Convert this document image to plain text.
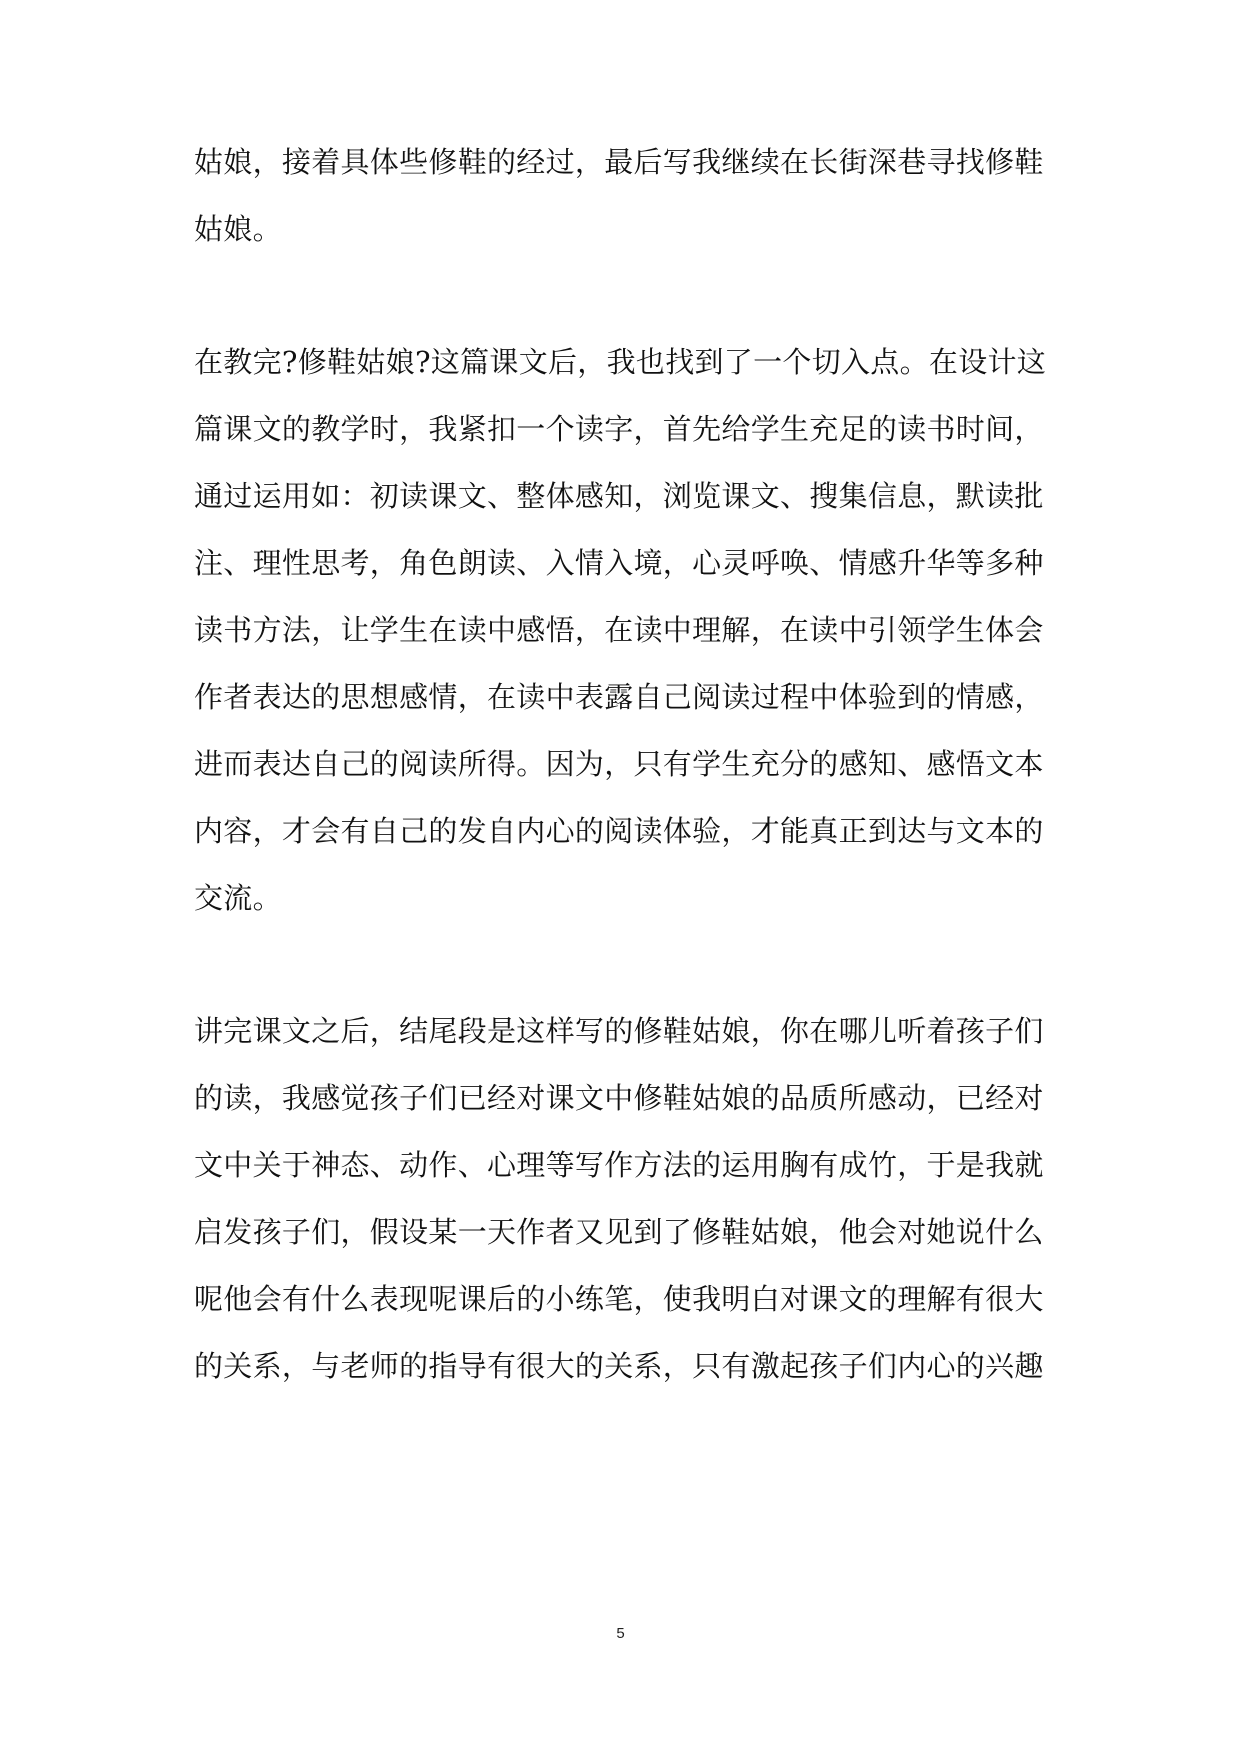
姑娘，接着具体些修鞋的经过，最后写我继续在长街深巷寻找修鞋
姑娘。
在教完?修鞋姑娘?这篇课文后，我也找到了一个切入点。在设计这
篇课文的教学时，我紧扣一个读字，首先给学生充足的读书时间，
通过运用如：初读课文、整体感知，浏览课文、搜集信息，默读批
注、理性思考，角色朗读、入情入境，心灵呼唤、情感升华等多种
读书方法，让学生在读中感悟，在读中理解，在读中引领学生体会
作者表达的思想感情，在读中表露自己阅读过程中体验到的情感，
进而表达自己的阅读所得。因为，只有学生充分的感知、感悟文本
内容，才会有自己的发自内心的阅读体验，才能真正到达与文本的
交流。
讲完课文之后，结尾段是这样写的修鞋姑娘，你在哪儿听着孩子们
的读，我感觉孩子们已经对课文中修鞋姑娘的品质所感动，已经对
文中关于神态、动作、心理等写作方法的运用胸有成竹，于是我就
启发孩子们，假设某一天作者又见到了修鞋姑娘，他会对她说什么
呢他会有什么表现呢课后的小练笔，使我明白对课文的理解有很大
的关系，与老师的指导有很大的关系，只有激起孩子们内心的兴趣
5
